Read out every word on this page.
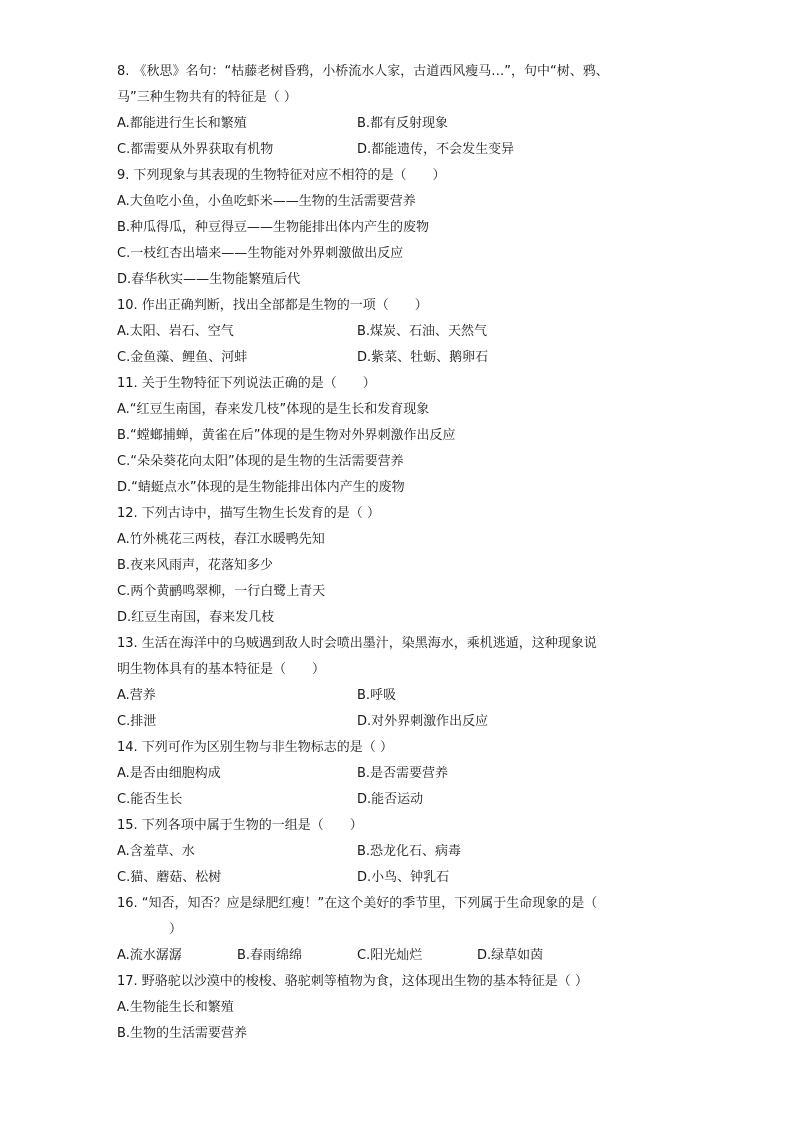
8. 《秋思》名句：“枯藤老树昏鸦，小桥流水人家，古道西风瘦马…”，句中“树、鸦、
马”三种生物共有的特征是（ ）
A.都能进行生长和繁殖	B.都有反射现象
C.都需要从外界获取有机物	D.都能遗传，不会发生变异
9. 下列现象与其表现的生物特征对应不相符的是（　　）
A.大鱼吃小鱼，小鱼吃虾米——生物的生活需要营养
B.种瓜得瓜，种豆得豆——生物能排出体内产生的废物
C.一枝红杏出墙来——生物能对外界刺激做出反应
D.春华秋实——生物能繁殖后代
10. 作出正确判断，找出全部都是生物的一项（　　）
A.太阳、岩石、空气	B.煤炭、石油、天然气
C.金鱼藻、鲤鱼、河蚌	D.紫菜、牡蛎、鹅卵石
11. 关于生物特征下列说法正确的是（　　）
A.“红豆生南国，春来发几枝”体现的是生长和发育现象
B.“螳螂捕蝉，黄雀在后”体现的是生物对外界刺激作出反应
C.“朵朵葵花向太阳”体现的是生物的生活需要营养
D.“蜻蜓点水”体现的是生物能排出体内产生的废物
12. 下列古诗中，描写生物生长发育的是（ ）
A.竹外桃花三两枝，春江水暖鸭先知
B.夜来风雨声，花落知多少
C.两个黄鹂鸣翠柳，一行白鹭上青天
D.红豆生南国，春来发几枝
13. 生活在海洋中的乌贼遇到敌人时会喷出墨汁，染黑海水，乘机逃遁，这种现象说
明生物体具有的基本特征是（　　）
A.营养	B.呼吸
C.排泄	D.对外界刺激作出反应
14. 下列可作为区别生物与非生物标志的是（ ）
A.是否由细胞构成	B.是否需要营养
C.能否生长	D.能否运动
15. 下列各项中属于生物的一组是（　　）
A.含羞草、水	B.恐龙化石、病毒
C.猫、蘑菇、松树	D.小鸟、钟乳石
16. “知否，知否？应是绿肥红瘦！”在这个美好的季节里，下列属于生命现象的是（
　　）
A.流水潺潺	B.春雨绵绵	C.阳光灿烂	D.绿草如茵
17. 野骆驼以沙漠中的梭梭、骆驼刺等植物为食，这体现出生物的基本特征是（ ）
A.生物能生长和繁殖
B.生物的生活需要营养
